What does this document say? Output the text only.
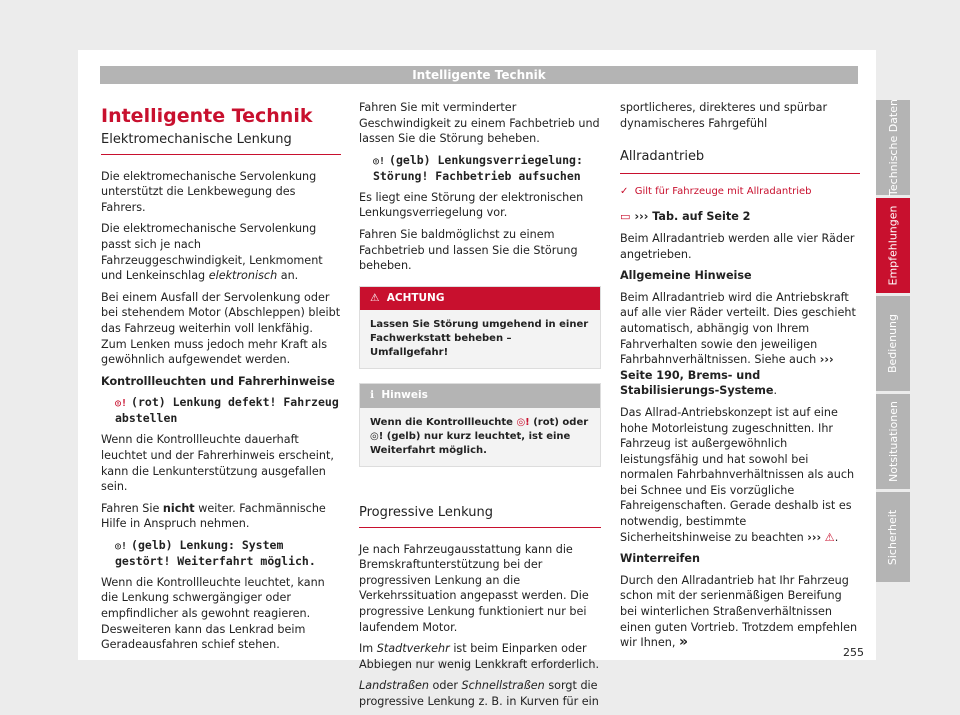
Intelligente Technik
Intelligente Technik
Elektromechanische Lenkung

Die elektromechanische Servolenkung unterstützt die Lenkbewegung des Fahrers.

Die elektromechanische Servolenkung passt sich je nach Fahrzeuggeschwindigkeit, Lenkmoment und Lenkeinschlag elektronisch an.

Bei einem Ausfall der Servolenkung oder bei stehendem Motor (Abschleppen) bleibt das Fahrzeug weiterhin voll lenkfähig. Zum Lenken muss jedoch mehr Kraft als gewöhnlich aufgewendet werden.

Kontrollleuchten und Fahrerhinweise

◎! (rot) Lenkung defekt! Fahrzeug abstellen

Wenn die Kontrollleuchte dauerhaft leuchtet und der Fahrerhinweis erscheint, kann die Lenkunterstützung ausgefallen sein.

Fahren Sie nicht weiter. Fachmännische Hilfe in Anspruch nehmen.

◎! (gelb) Lenkung: System gestört! Weiterfahrt möglich.

Wenn die Kontrollleuchte leuchtet, kann die Lenkung schwergängiger oder empfindlicher als gewohnt reagieren. Desweiteren kann das Lenkrad beim Geradeausfahren schief stehen.

Fahren Sie mit verminderter Geschwindigkeit zu einem Fachbetrieb und lassen Sie die Störung beheben.

◎! (gelb) Lenkungsverriegelung: Störung! Fachbetrieb aufsuchen

Es liegt eine Störung der elektronischen Lenkungsverriegelung vor.

Fahren Sie baldmöglichst zu einem Fachbetrieb und lassen Sie die Störung beheben.

⚠ ACHTUNG
Lassen Sie Störung umgehend in einer Fachwerkstatt beheben – Umfallgefahr!
ℹ Hinweis
Wenn die Kontrollleuchte ◎! (rot) oder ◎! (gelb) nur kurz leuchtet, ist eine Weiterfahrt möglich.
Progressive Lenkung

Je nach Fahrzeugausstattung kann die Bremskraftunterstützung bei der progressiven Lenkung an die Verkehrssituation angepasst werden. Die progressive Lenkung funktioniert nur bei laufendem Motor.

Im Stadtverkehr ist beim Einparken oder Abbiegen nur wenig Lenkkraft erforderlich.

Landstraßen oder Schnellstraßen sorgt die progressive Lenkung z. B. in Kurven für ein

sportlicheres, direkteres und spürbar dynamischeres Fahrgefühl

Allradantrieb
✓ Gilt für Fahrzeuge mit Allradantrieb

▭ ››› Tab. auf Seite 2

Beim Allradantrieb werden alle vier Räder angetrieben.

Allgemeine Hinweise

Beim Allradantrieb wird die Antriebskraft auf alle vier Räder verteilt. Dies geschieht automatisch, abhängig von Ihrem Fahrverhalten sowie den jeweiligen Fahrbahnverhältnissen. Siehe auch ››› Seite 190, Brems- und Stabilisierungs-Systeme.

Das Allrad-Antriebskonzept ist auf eine hohe Motorleistung zugeschnitten. Ihr Fahrzeug ist außergewöhnlich leistungsfähig und hat sowohl bei normalen Fahrbahnverhältnissen als auch bei Schnee und Eis vorzügliche Fahreigenschaften. Gerade deshalb ist es notwendig, bestimmte Sicherheitshinweise zu beachten ››› ⚠.

Winterreifen

Durch den Allradantrieb hat Ihr Fahrzeug schon mit der serienmäßigen Bereifung bei winterlichen Straßenverhältnissen einen guten Vortrieb. Trotzdem empfehlen wir Ihnen, »

Technische Daten
Empfehlungen
Bedienung
Notsituationen
Sicherheit
255
